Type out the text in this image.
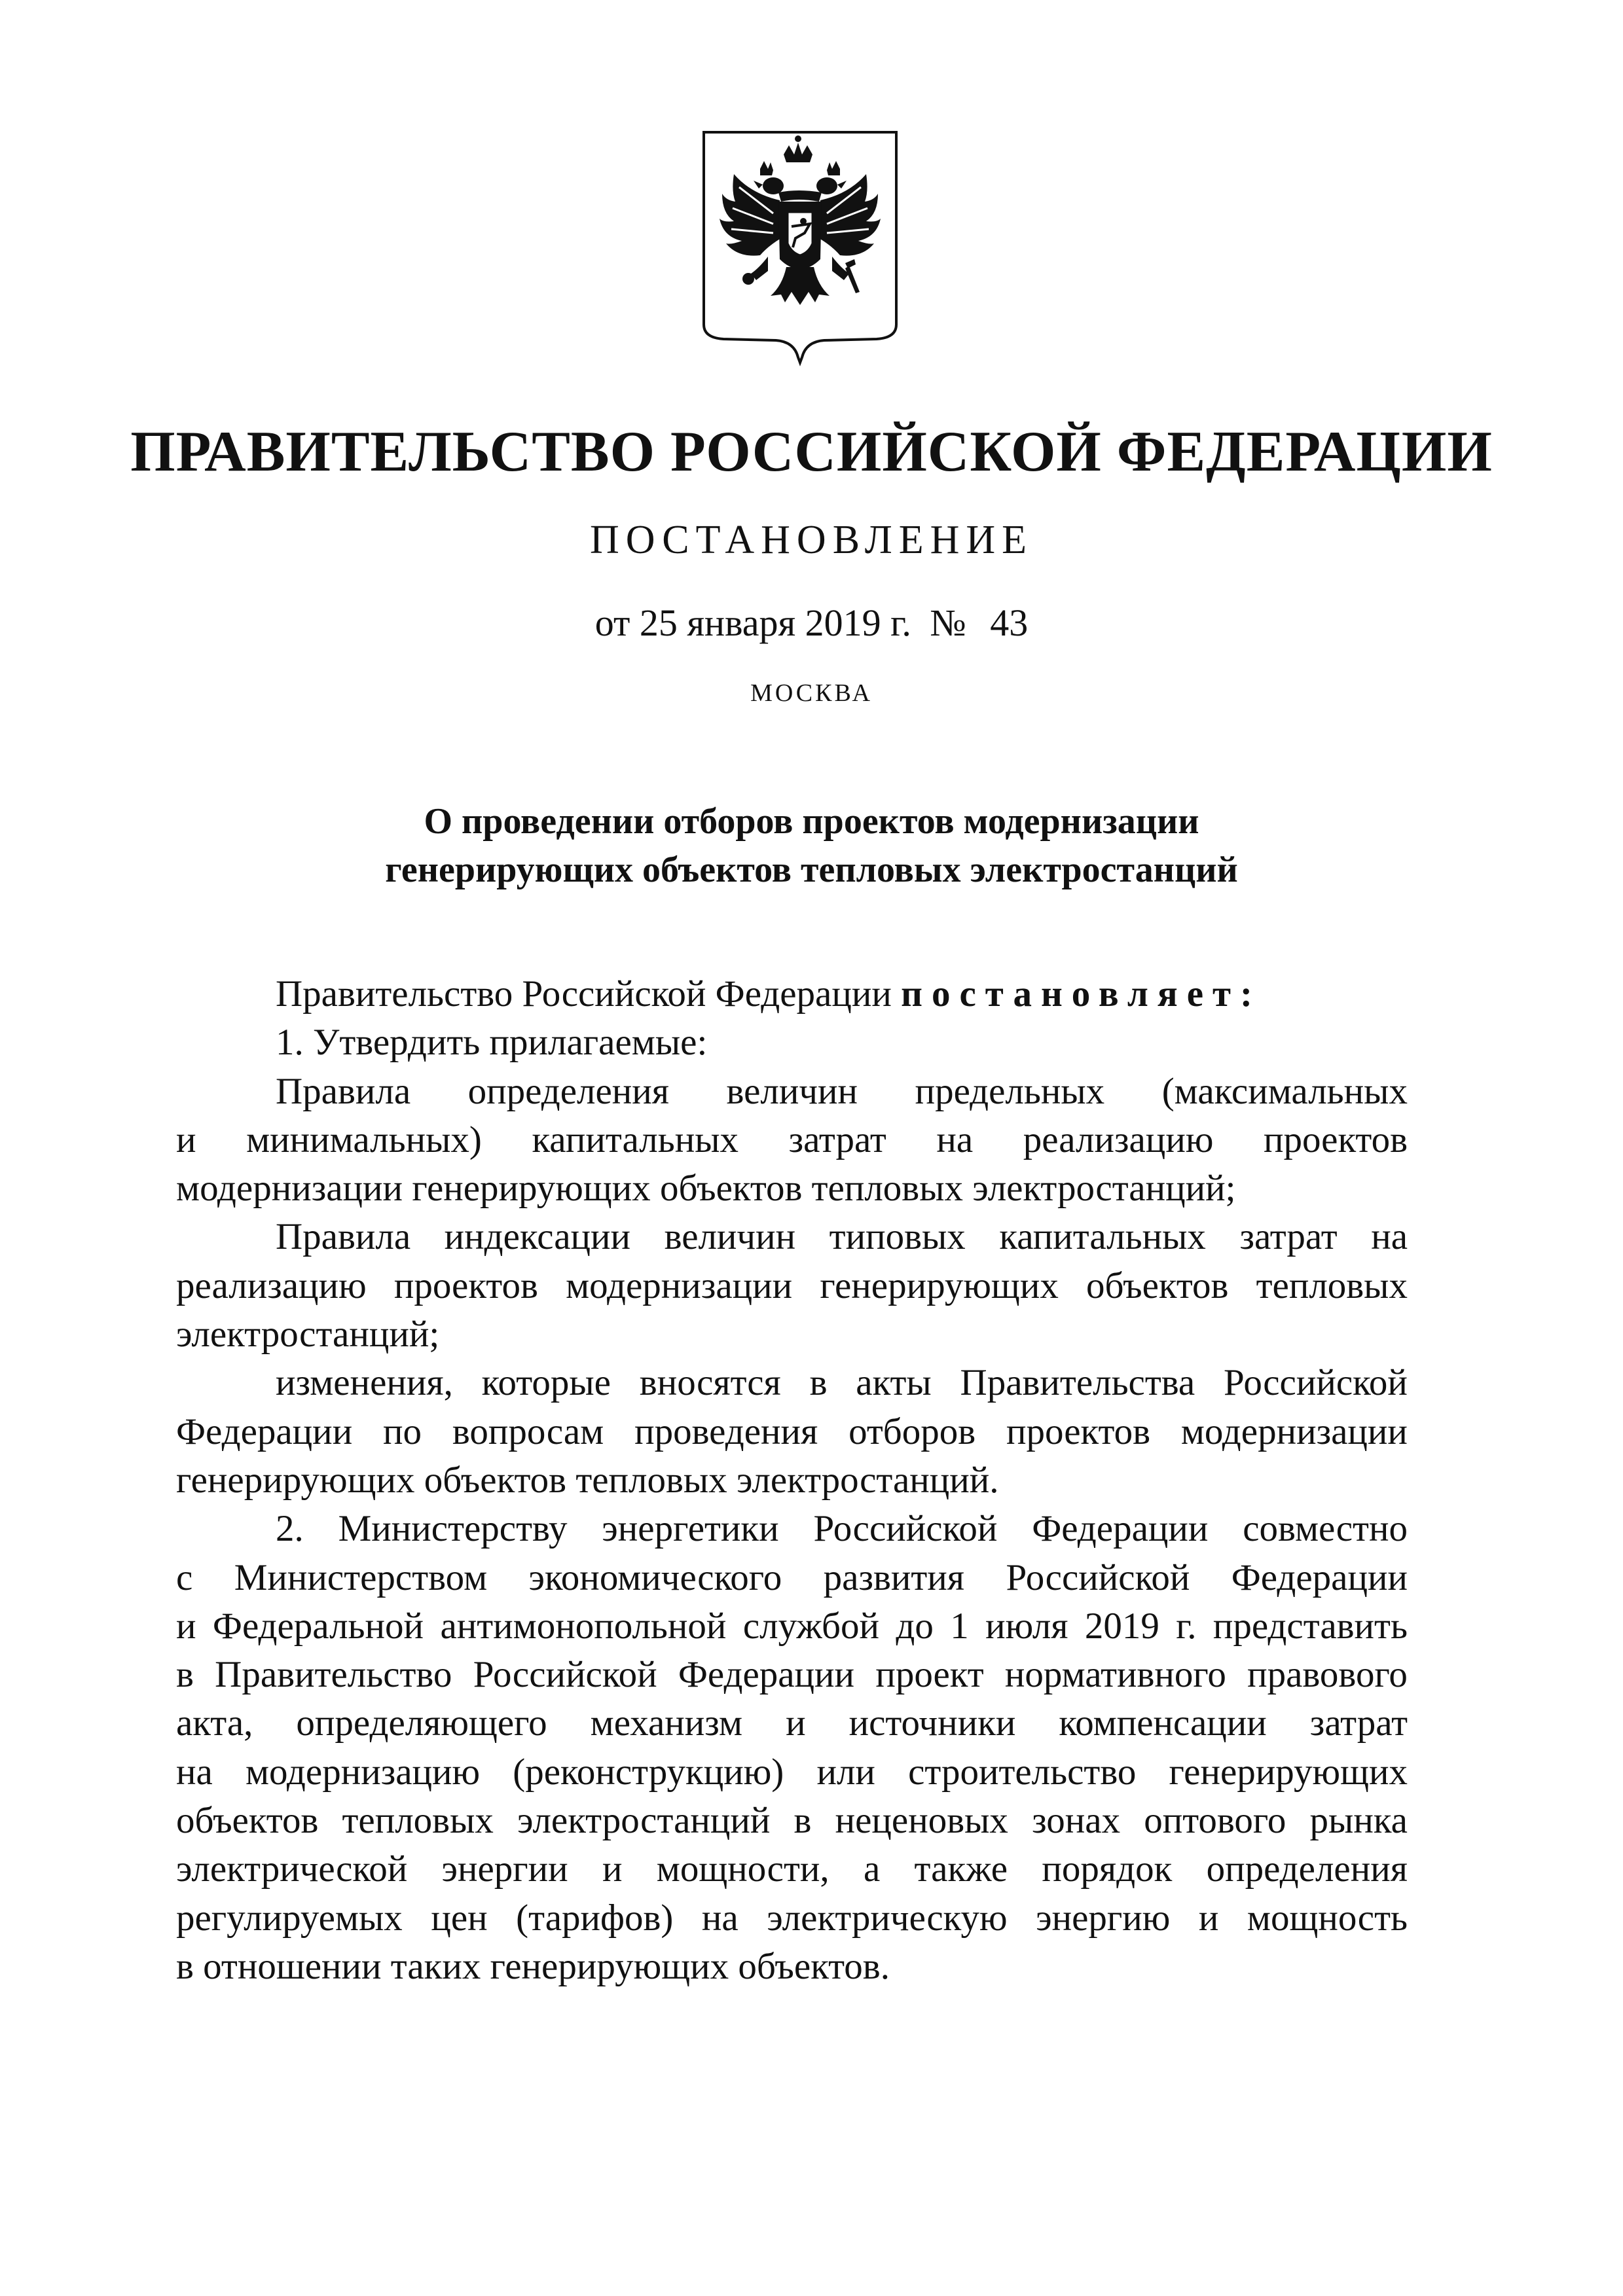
ПРАВИТЕЛЬСТВО РОССИЙСКОЙ ФЕДЕРАЦИИ
ПОСТАНОВЛЕНИЕ
от 25 января 2019 г. № 43
МОСКВА
О проведении отборов проектов модернизации
генерирующих объектов тепловых электростанций
Правительство Российской Федерации постановляет:
1. Утвердить прилагаемые:
Правила определения величин предельных (максимальных
и минимальных) капитальных затрат на реализацию проектов
модернизации генерирующих объектов тепловых электростанций;
Правила индексации величин типовых капитальных затрат на
реализацию проектов модернизации генерирующих объектов тепловых
электростанций;
изменения, которые вносятся в акты Правительства Российской
Федерации по вопросам проведения отборов проектов модернизации
генерирующих объектов тепловых электростанций.
2. Министерству энергетики Российской Федерации совместно
с Министерством экономического развития Российской Федерации
и Федеральной антимонопольной службой до 1 июля 2019 г. представить
в Правительство Российской Федерации проект нормативного правового
акта, определяющего механизм и источники компенсации затрат
на модернизацию (реконструкцию) или строительство генерирующих
объектов тепловых электростанций в неценовых зонах оптового рынка
электрической энергии и мощности, а также порядок определения
регулируемых цен (тарифов) на электрическую энергию и мощность
в отношении таких генерирующих объектов.
